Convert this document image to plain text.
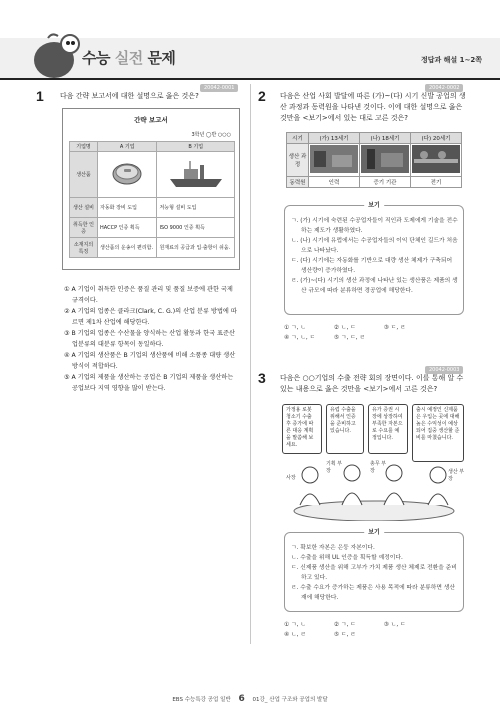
수능 실전 문제	정답과 해설 1~2쪽
1	20042-0001
다음 간략 보고서에 대한 설명으로 옳은 것은?
간략 보고서
3학년 ◯반 ○○○
기업명	A 기업	B 기업
생산품		
생산 설비	자동화 장비 도입	저능형 설비 도입
취득한 인증	HACCP 인증 획득	ISO 9000 인증 획득
소재지의 특징	생산품의 운송이 편리함.	원재료의 공급과 입·출항이 쉬움.
① A 기업이 취득한 인증은 품질 관리 및 품질 보증에 관한 국제 규격이다.
② A 기업의 업종은 클라크(Clark, C. G.)의 산업 분류 방법에 따르면 제1차 산업에 해당한다.
③ B 기업의 업종은 수산물을 양식하는 산업 활동과 한국 표준산업분류의 대분류 항목이 동일하다.
④ A 기업의 생산품은 B 기업의 생산품에 비해 소품종 대량 생산 방식이 적합하다.
⑤ A 기업의 제품을 생산하는 공업은 B 기업의 제품을 생산하는 공업보다 지역 영향을 많이 받는다.
2	20042-0002
다음은 산업 사회 발달에 따른 (가)~(다) 시기 신발 공업의 생산 과정과 동력원을 나타낸 것이다. 이에 대한 설명으로 옳은 것만을 <보기>에서 있는 대로 고른 것은?
시기	(가) 13세기	(나) 18세기	(다) 20세기
생산 과정			
동력원	인력	증기 기관	전기
보기
ㄱ. (가) 시기에 숙련된 수공업자들이 직인과 도제에게 기술을 전수하는 제도가 생활하였다.
ㄴ. (나) 시기에 유럽에서는 수공업자들의 이익 단체인 길드가 처음으로 나타났다.
ㄷ. (다) 시기에는 자동화를 기반으로 대량 생산 체제가 구축되어 생산량이 증가하였다.
ㄹ. (가)~(다) 시기의 생산 과정에 나타난 있는 생산품은 제품의 생산 규모에 따라 분류하면 경공업에 해당한다.
① ㄱ, ㄴ	② ㄴ, ㄷ	③ ㄷ, ㄹ
④ ㄱ, ㄴ, ㄷ	⑤ ㄱ, ㄷ, ㄹ
3	20042-0003
다음은 ○○기업의 수출 전략 회의 장면이다. 이를 통해 알 수 있는 내용으로 옳은 것만을 <보기>에서 고른 것은?
가정용 로봇 청소기 수출 후 증가에 따른 대응 계획을 말씀해 보세요.
유럽 수출을 위해서 인증을 준비하고 있습니다.
유가 증권 시장에 상장하여 부족한 자본으로 수요를 예정입니다.
출시 예정인 신제품은 우입는 곳에 대해 높은 수익성이 예상되어 집중 생산할 준비를 마쳤습니다.
사장
기획 부장
총무 부장	생산 부장
보기
ㄱ. 확보한 자본은 은둥 자본이다.
ㄴ. 수출을 위해 UL 인증을 획득할 예정이다.
ㄷ. 신제품 생산을 위해 고부가 가치 제품 생산 체제로 전환을 준비하고 있다.
ㄹ. 수출 수요가 증가하는 제품은 사용 목적에 따라 분류하면 생산재에 해당한다.
① ㄱ, ㄴ	② ㄱ, ㄷ	③ ㄴ, ㄷ
④ ㄴ, ㄹ	⑤ ㄷ, ㄹ
EBS 수능특강 공업 일반 6 01강_ 산업 구조와 공업의 발달
